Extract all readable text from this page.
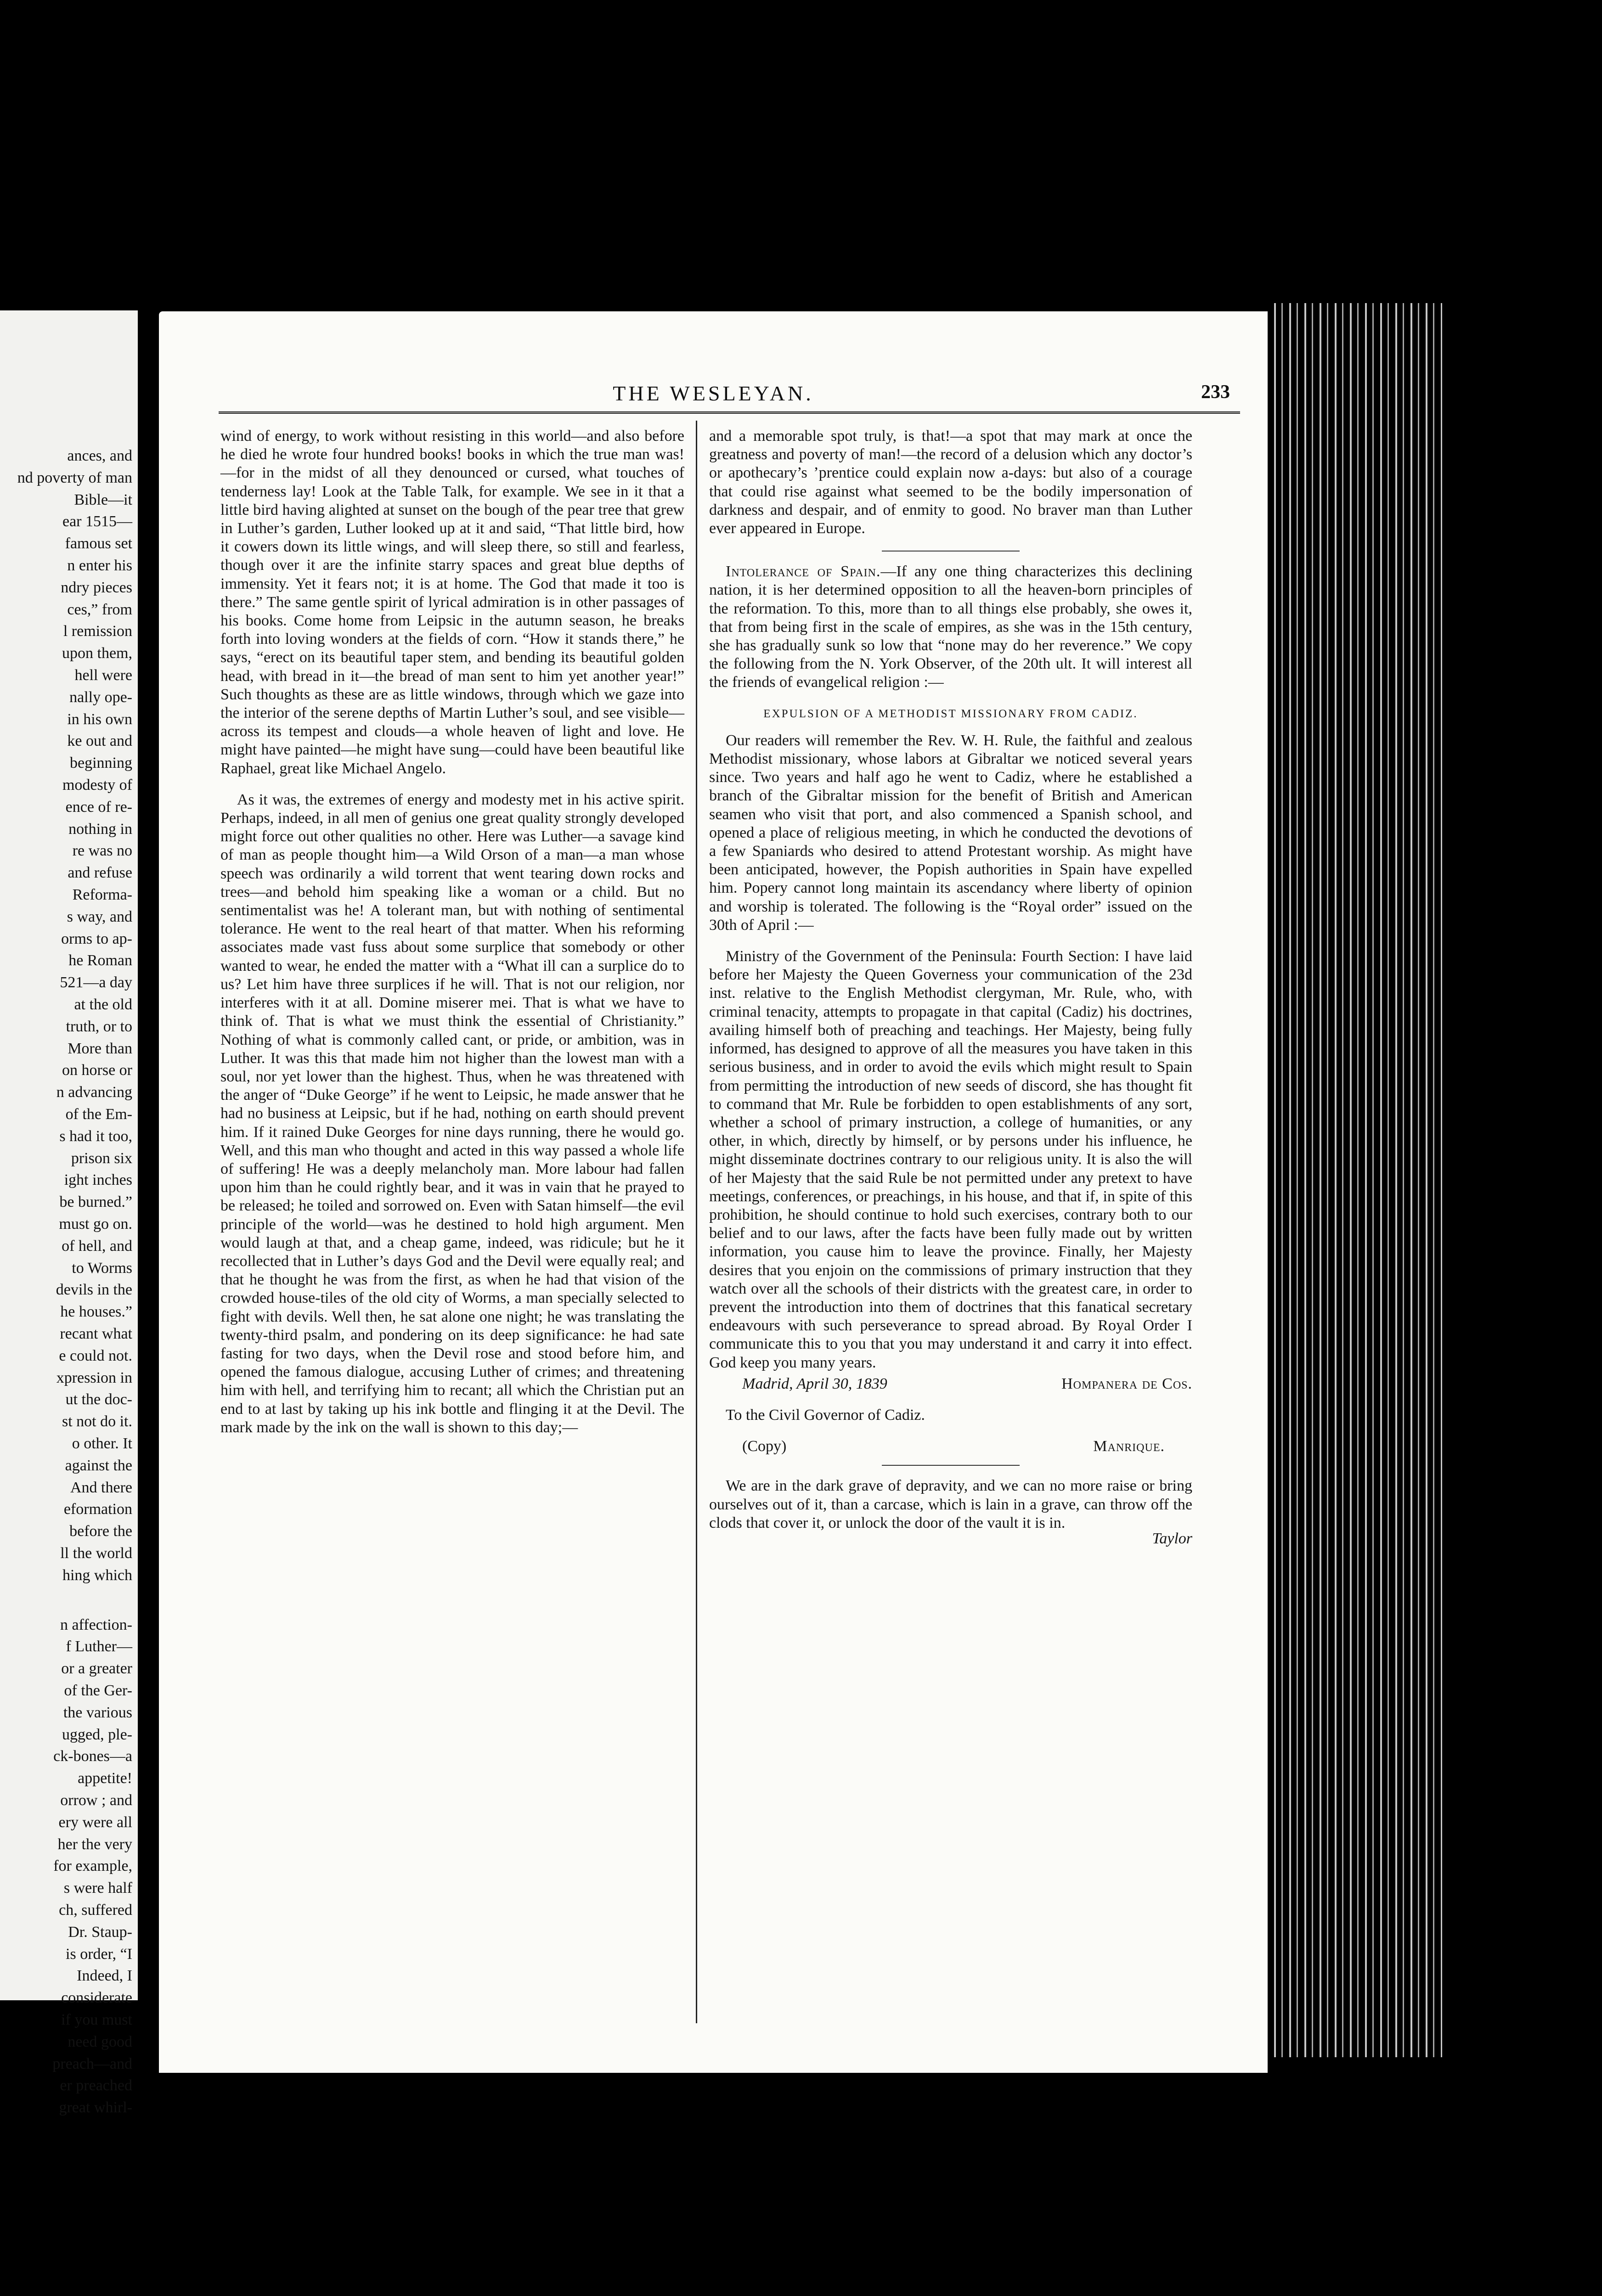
ances, and
nd poverty of man
Bible—it
ear 1515—
famous set
n enter his
ndry pieces
ces,” from
l remission
upon them,
hell were
nally ope-
in his own
ke out and
beginning
modesty of
ence of re-
nothing in
re was no
and refuse
Reforma-
s way, and
orms to ap-
he Roman
521—a day
at the old
truth, or to
More than
on horse or
n advancing
of the Em-
s had it too,
prison six
ight inches
be burned.”
must go on.
of hell, and
to Worms
devils in the
he houses.”
recant what
e could not.
xpression in
ut the doc-
st not do it.
o other. It
against the
And there
eformation
before the
ll the world
hing which
n affection-
f Luther—
or a greater
of the Ger-
the various
ugged, ple-
ck-bones—a
appetite!
orrow ; and
ery were all
her the very
for example,
s were half
ch, suffered
Dr. Staup-
is order, “I
Indeed, I
considerate
if you must
need good
preach—and
er preached
great whirl-
THE WESLEYAN.	233

wind of energy, to work without resisting in this world—and also before he died he wrote four hundred books! books in which the true man was!—for in the midst of all they denounced or cursed, what touches of tenderness lay! Look at the Table Talk, for example. We see in it that a little bird having alighted at sunset on the bough of the pear tree that grew in Luther’s garden, Luther looked up at it and said, “That little bird, how it cowers down its little wings, and will sleep there, so still and fearless, though over it are the infinite starry spaces and great blue depths of immensity. Yet it fears not; it is at home. The God that made it too is there.” The same gentle spirit of lyrical admiration is in other passages of his books. Come home from Leipsic in the autumn season, he breaks forth into loving wonders at the fields of corn. “How it stands there,” he says, “erect on its beautiful taper stem, and bending its beautiful golden head, with bread in it—the bread of man sent to him yet another year!” Such thoughts as these are as little windows, through which we gaze into the interior of the serene depths of Martin Luther’s soul, and see visible—across its tempest and clouds—a whole heaven of light and love. He might have painted—he might have sung—could have been beautiful like Raphael, great like Michael Angelo.

As it was, the extremes of energy and modesty met in his active spirit. Perhaps, indeed, in all men of genius one great quality strongly developed might force out other qualities no other. Here was Luther—a savage kind of man as people thought him—a Wild Orson of a man—a man whose speech was ordinarily a wild torrent that went tearing down rocks and trees—and behold him speaking like a woman or a child. But no sentimentalist was he! A tolerant man, but with nothing of sentimental tolerance. He went to the real heart of that matter. When his reforming associates made vast fuss about some surplice that somebody or other wanted to wear, he ended the matter with a “What ill can a surplice do to us? Let him have three surplices if he will. That is not our religion, nor interferes with it at all. Domine miserer mei. That is what we have to think of. That is what we must think the essential of Christianity.” Nothing of what is commonly called cant, or pride, or ambition, was in Luther. It was this that made him not higher than the lowest man with a soul, nor yet lower than the highest. Thus, when he was threatened with the anger of “Duke George” if he went to Leipsic, he made answer that he had no business at Leipsic, but if he had, nothing on earth should prevent him. If it rained Duke Georges for nine days running, there he would go. Well, and this man who thought and acted in this way passed a whole life of suffering! He was a deeply melancholy man. More labour had fallen upon him than he could rightly bear, and it was in vain that he prayed to be released; he toiled and sorrowed on. Even with Satan himself—the evil principle of the world—was he destined to hold high argument. Men would laugh at that, and a cheap game, indeed, was ridicule; but he it recollected that in Luther’s days God and the Devil were equally real; and that he thought he was from the first, as when he had that vision of the crowded house-tiles of the old city of Worms, a man specially selected to fight with devils. Well then, he sat alone one night; he was translating the twenty-third psalm, and pondering on its deep significance: he had sate fasting for two days, when the Devil rose and stood before him, and opened the famous dialogue, accusing Luther of crimes; and threatening him with hell, and terrifying him to recant; all which the Christian put an end to at last by taking up his ink bottle and flinging it at the Devil. The mark made by the ink on the wall is shown to this day;—

and a memorable spot truly, is that!—a spot that may mark at once the greatness and poverty of man!—the record of a delusion which any doctor’s or apothecary’s ’prentice could explain now a-days: but also of a courage that could rise against what seemed to be the bodily impersonation of darkness and despair, and of enmity to good. No braver man than Luther ever appeared in Europe.

Intolerance of Spain.—If any one thing characterizes this declining nation, it is her determined opposition to all the heaven-born principles of the reformation. To this, more than to all things else probably, she owes it, that from being first in the scale of empires, as she was in the 15th century, she has gradually sunk so low that “none may do her reverence.” We copy the following from the N. York Observer, of the 20th ult. It will interest all the friends of evangelical religion :—

EXPULSION OF A METHODIST MISSIONARY FROM CADIZ.

Our readers will remember the Rev. W. H. Rule, the faithful and zealous Methodist missionary, whose labors at Gibraltar we noticed several years since. Two years and half ago he went to Cadiz, where he established a branch of the Gibraltar mission for the benefit of British and American seamen who visit that port, and also commenced a Spanish school, and opened a place of religious meeting, in which he conducted the devotions of a few Spaniards who desired to attend Protestant worship. As might have been anticipated, however, the Popish authorities in Spain have expelled him. Popery cannot long maintain its ascendancy where liberty of opinion and worship is tolerated. The following is the “Royal order” issued on the 30th of April :—

Ministry of the Government of the Peninsula: Fourth Section: I have laid before her Majesty the Queen Governess your communication of the 23d inst. relative to the English Methodist clergyman, Mr. Rule, who, with criminal tenacity, attempts to propagate in that capital (Cadiz) his doctrines, availing himself both of preaching and teachings. Her Majesty, being fully informed, has designed to approve of all the measures you have taken in this serious business, and in order to avoid the evils which might result to Spain from permitting the introduction of new seeds of discord, she has thought fit to command that Mr. Rule be forbidden to open establishments of any sort, whether a school of primary instruction, a college of humanities, or any other, in which, directly by himself, or by persons under his influence, he might disseminate doctrines contrary to our religious unity. It is also the will of her Majesty that the said Rule be not permitted under any pretext to have meetings, conferences, or preachings, in his house, and that if, in spite of this prohibition, he should continue to hold such exercises, contrary both to our belief and to our laws, after the facts have been fully made out by written information, you cause him to leave the province. Finally, her Majesty desires that you enjoin on the commissions of primary instruction that they watch over all the schools of their districts with the greatest care, in order to prevent the introduction into them of doctrines that this fanatical secretary endeavours with such perseverance to spread abroad. By Royal Order I communicate this to you that you may understand it and carry it into effect. God keep you many years.

Madrid, April 30, 1839	Hompanera de Cos.

To the Civil Governor of Cadiz.

(Copy)	Manrique.

We are in the dark grave of depravity, and we can no more raise or bring ourselves out of it, than a carcase, which is lain in a grave, can throw off the clods that cover it, or unlock the door of the vault it is in.

Taylor
